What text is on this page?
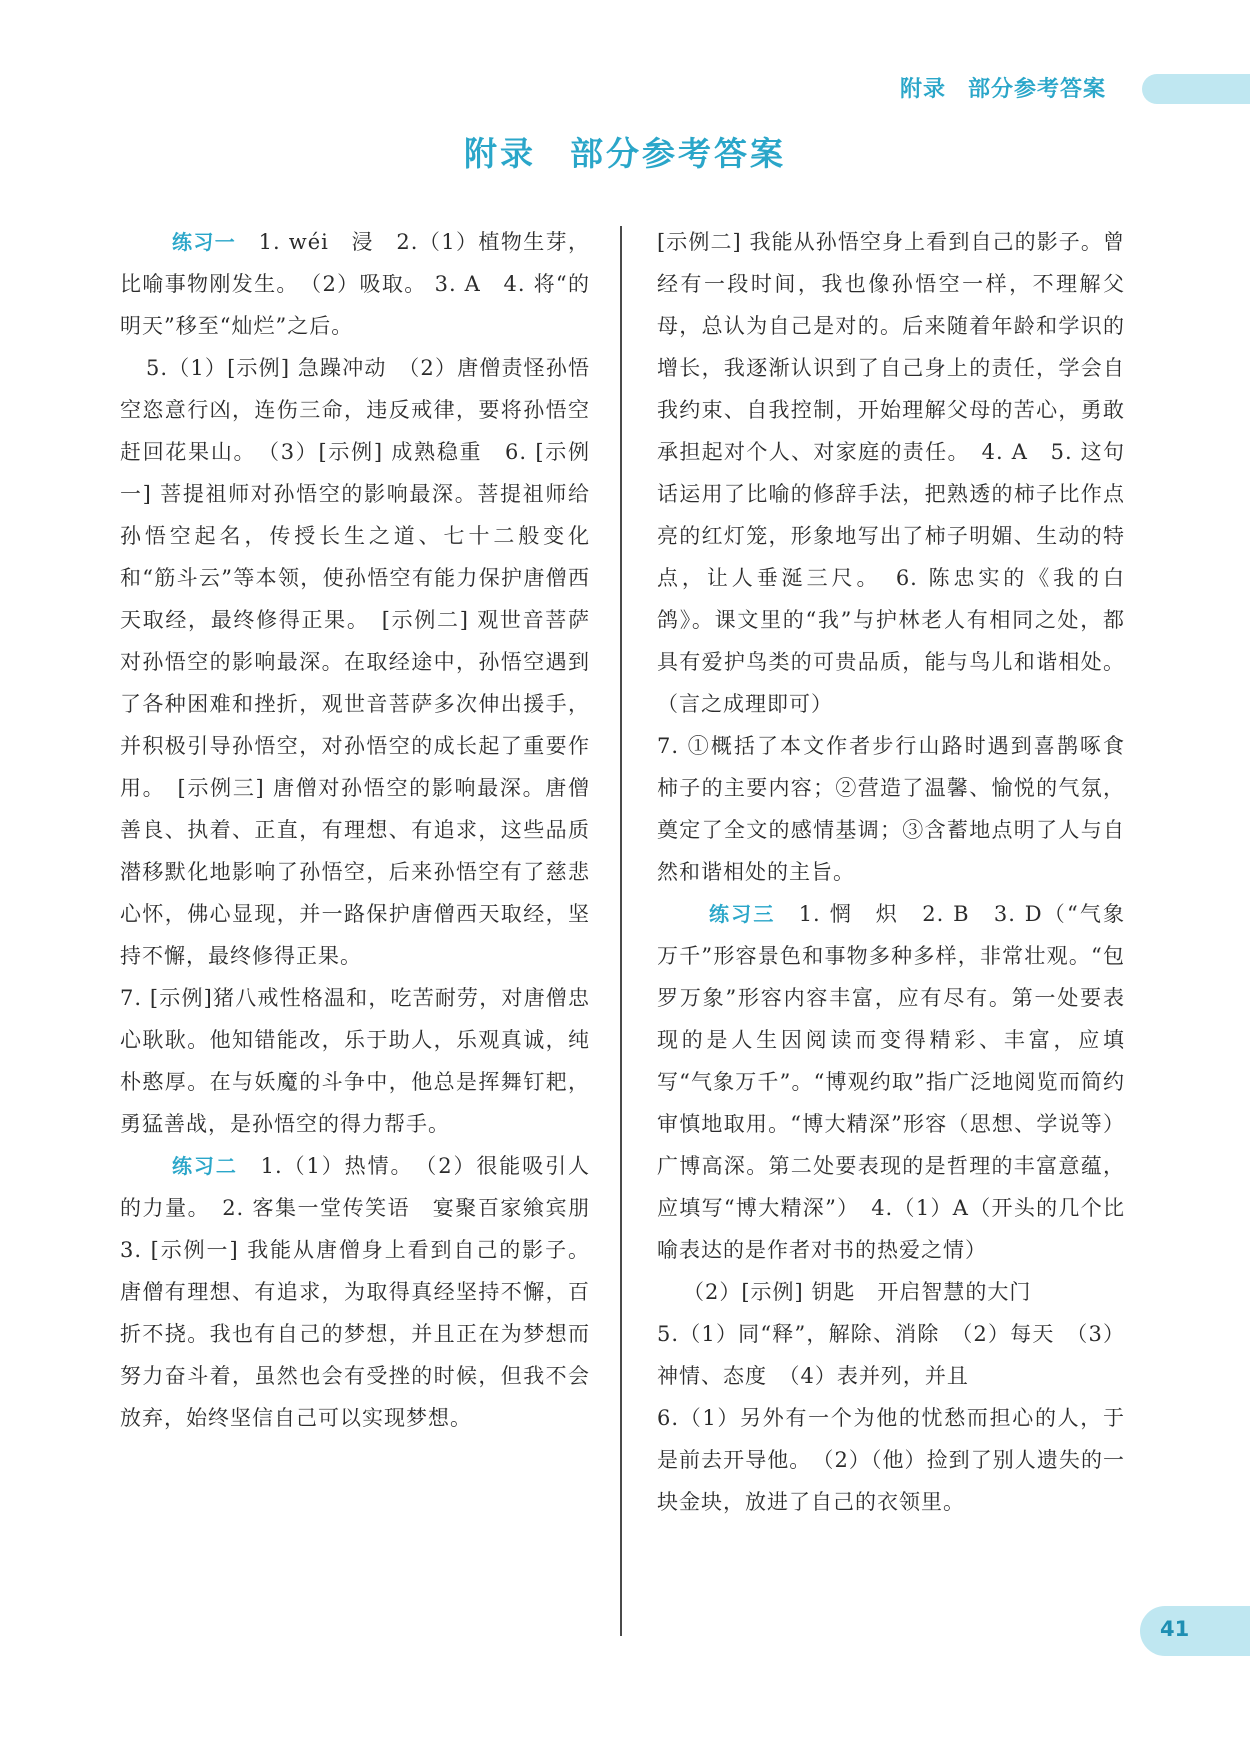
附录 部分参考答案
附录 部分参考答案

练习一　 1. wéi　浸　2.（1）植物生芽，比喻事物刚发生。　（2）吸取。 3. A　4. 将“的明天”移至“灿烂”之后。

5.（1）[示例] 急躁冲动　（2）唐僧责怪孙悟空恣意行凶，连伤三命，违反戒律，要将孙悟空赶回花果山。　（3）[示例] 成熟稳重　6. [示例一] 菩提祖师对孙悟空的影响最深。菩提祖师给孙悟空起名，传授长生之道、七十二般变化和“筋斗云”等本领，使孙悟空有能力保护唐僧西天取经，最终修得正果。　[示例二] 观世音菩萨对孙悟空的影响最深。在取经途中，孙悟空遇到了各种困难和挫折，观世音菩萨多次伸出援手，并积极引导孙悟空，对孙悟空的成长起了重要作用。　[示例三] 唐僧对孙悟空的影响最深。唐僧善良、执着、正直，有理想、有追求，这些品质潜移默化地影响了孙悟空，后来孙悟空有了慈悲心怀，佛心显现，并一路保护唐僧西天取经，坚持不懈，最终修得正果。

7. [示例]猪八戒性格温和，吃苦耐劳，对唐僧忠心耿耿。他知错能改，乐于助人，乐观真诚，纯朴憨厚。在与妖魔的斗争中，他总是挥舞钉耙，勇猛善战，是孙悟空的得力帮手。

练习二　 1.（1）热情。　（2）很能吸引人的力量。　2. 客集一堂传笑语　宴聚百家飨宾朋　3. [示例一] 我能从唐僧身上看到自己的影子。唐僧有理想、有追求，为取得真经坚持不懈，百折不挠。我也有自己的梦想，并且正在为梦想而努力奋斗着，虽然也会有受挫的时候，但我不会放弃，始终坚信自己可以实现梦想。

[示例二] 我能从孙悟空身上看到自己的影子。曾经有一段时间，我也像孙悟空一样，不理解父母，总认为自己是对的。后来随着年龄和学识的增长，我逐渐认识到了自己身上的责任，学会自我约束、自我控制，开始理解父母的苦心，勇敢承担起对个人、对家庭的责任。　4. A　5. 这句话运用了比喻的修辞手法，把熟透的柿子比作点亮的红灯笼，形象地写出了柿子明媚、生动的特点，让人垂涎三尺。　6. 陈忠实的《我的白鸽》。课文里的“我”与护林老人有相同之处，都具有爱护鸟类的可贵品质，能与鸟儿和谐相处。（言之成理即可）

7. ①概括了本文作者步行山路时遇到喜鹊啄食柿子的主要内容；②营造了温馨、愉悦的气氛，奠定了全文的感情基调；③含蓄地点明了人与自然和谐相处的主旨。

练习三　 1. 惘　炽　2. B　3. D（“气象万千”形容景色和事物多种多样，非常壮观。“包罗万象”形容内容丰富，应有尽有。第一处要表现的是人生因阅读而变得精彩、丰富，应填写“气象万千”。“博观约取”指广泛地阅览而简约审慎地取用。“博大精深”形容（思想、学说等）广博高深。第二处要表现的是哲理的丰富意蕴，应填写“博大精深”）　4.（1）A（开头的几个比喻表达的是作者对书的热爱之情）

（2）[示例] 钥匙　开启智慧的大门

5.（1）同“释”，解除、消除　（2）每天　（3）神情、态度　（4）表并列，并且

6.（1）另外有一个为他的忧愁而担心的人，于是前去开导他。　（2）（他）捡到了别人遗失的一块金块，放进了自己的衣领里。

41
